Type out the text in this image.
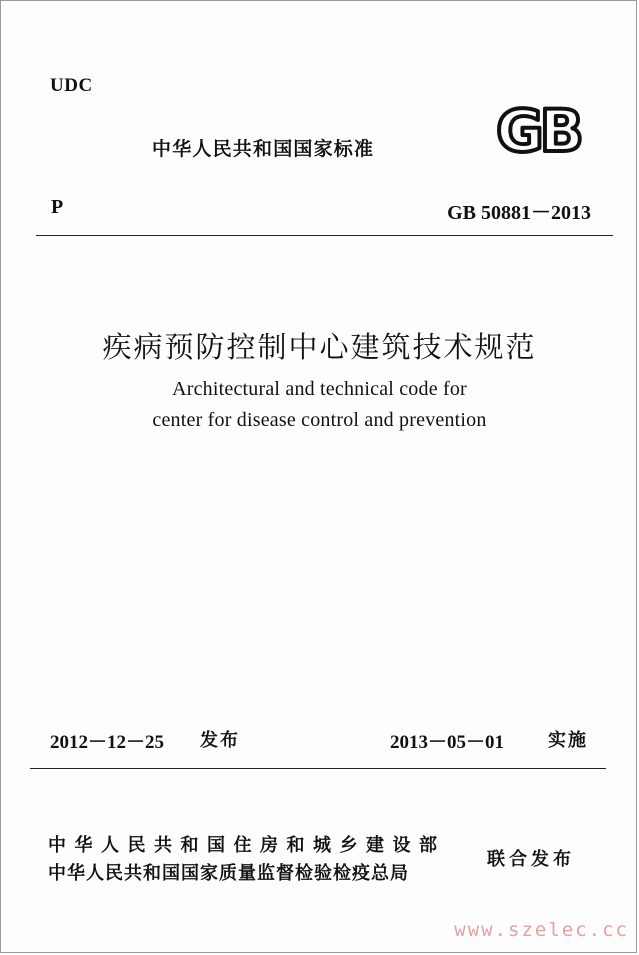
UDC
中华人民共和国国家标准 GB
P	GB 50881－2013
疾病预防控制中心建筑技术规范
Architectural and technical code for
center for disease control and prevention
2012－12－25 发布	2013－05－01 实施
中华人民共和国住房和城乡建设部
中华人民共和国国家质量监督检验检疫总局
联合发布
www.szelec.cc
